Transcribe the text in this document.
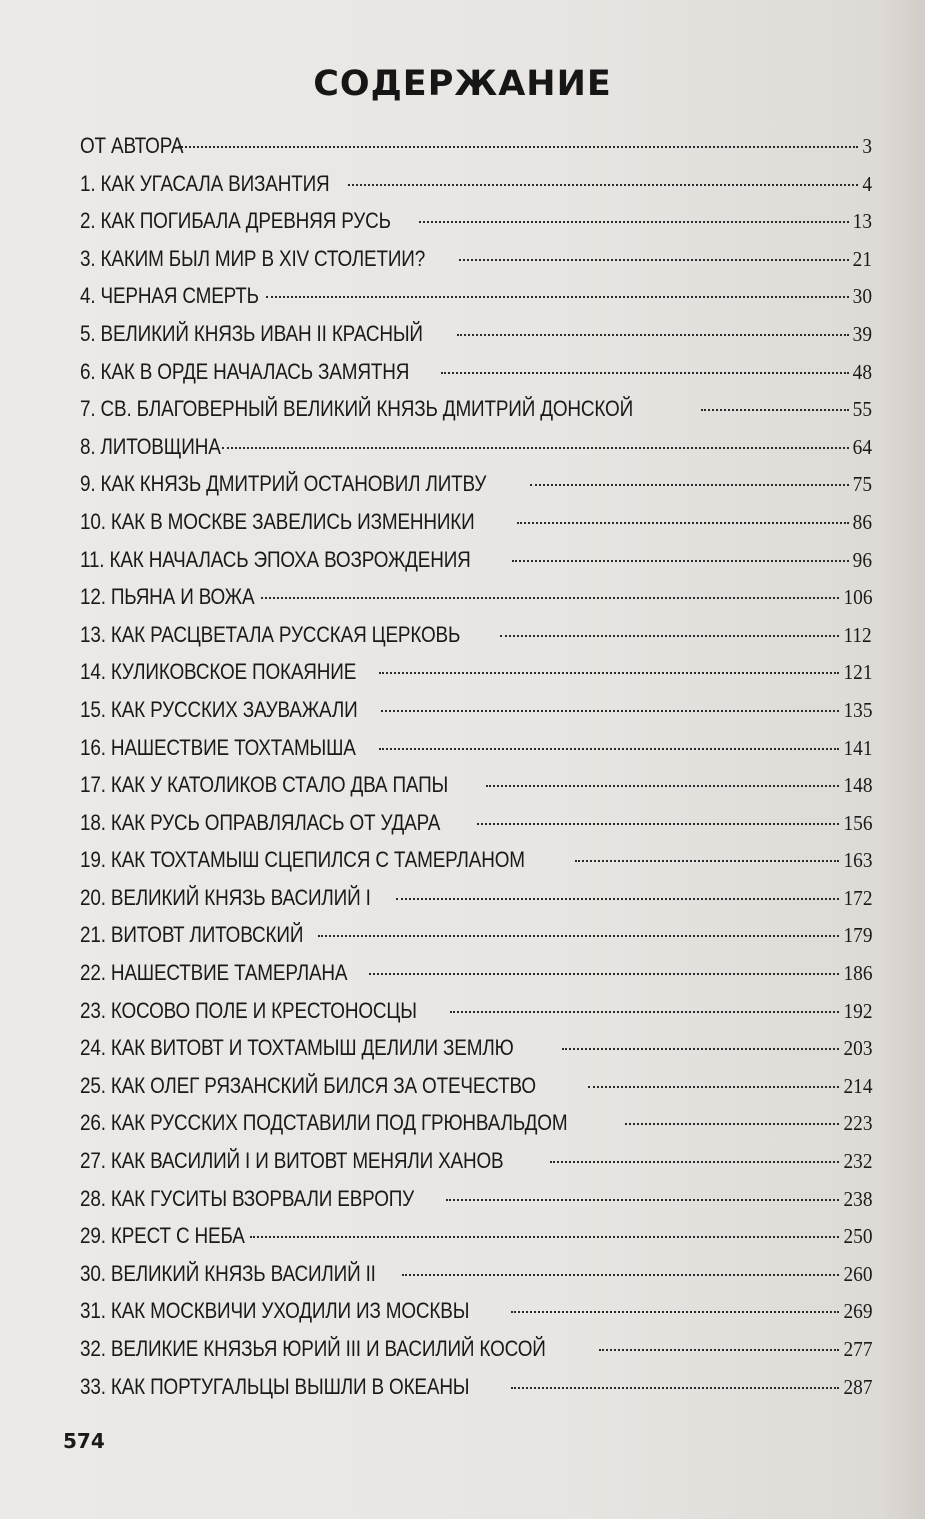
СОДЕРЖАНИЕ
ОТ АВТОРА	3
1. КАК УГАСАЛА ВИЗАНТИЯ	4
2. КАК ПОГИБАЛА ДРЕВНЯЯ РУСЬ	13
3. КАКИМ БЫЛ МИР В XIV СТОЛЕТИИ?	21
4. ЧЕРНАЯ СМЕРТЬ	30
5. ВЕЛИКИЙ КНЯЗЬ ИВАН II КРАСНЫЙ	39
6. КАК В ОРДЕ НАЧАЛАСЬ ЗАМЯТНЯ	48
7. СВ. БЛАГОВЕРНЫЙ ВЕЛИКИЙ КНЯЗЬ ДМИТРИЙ ДОНСКОЙ	55
8. ЛИТОВЩИНА	64
9. КАК КНЯЗЬ ДМИТРИЙ ОСТАНОВИЛ ЛИТВУ	75
10. КАК В МОСКВЕ ЗАВЕЛИСЬ ИЗМЕННИКИ	86
11. КАК НАЧАЛАСЬ ЭПОХА ВОЗРОЖДЕНИЯ	96
12. ПЬЯНА И ВОЖА	106
13. КАК РАСЦВЕТАЛА РУССКАЯ ЦЕРКОВЬ	112
14. КУЛИКОВСКОЕ ПОКАЯНИЕ	121
15. КАК РУССКИХ ЗАУВАЖАЛИ	135
16. НАШЕСТВИЕ ТОХТАМЫША	141
17. КАК У КАТОЛИКОВ СТАЛО ДВА ПАПЫ	148
18. КАК РУСЬ ОПРАВЛЯЛАСЬ ОТ УДАРА	156
19. КАК ТОХТАМЫШ СЦЕПИЛСЯ С ТАМЕРЛАНОМ	163
20. ВЕЛИКИЙ КНЯЗЬ ВАСИЛИЙ I	172
21. ВИТОВТ ЛИТОВСКИЙ	179
22. НАШЕСТВИЕ ТАМЕРЛАНА	186
23. КОСОВО ПОЛЕ И КРЕСТОНОСЦЫ	192
24. КАК ВИТОВТ И ТОХТАМЫШ ДЕЛИЛИ ЗЕМЛЮ	203
25. КАК ОЛЕГ РЯЗАНСКИЙ БИЛСЯ ЗА ОТЕЧЕСТВО	214
26. КАК РУССКИХ ПОДСТАВИЛИ ПОД ГРЮНВАЛЬДОМ	223
27. КАК ВАСИЛИЙ I И ВИТОВТ МЕНЯЛИ ХАНОВ	232
28. КАК ГУСИТЫ ВЗОРВАЛИ ЕВРОПУ	238
29. КРЕСТ С НЕБА	250
30. ВЕЛИКИЙ КНЯЗЬ ВАСИЛИЙ II	260
31. КАК МОСКВИЧИ УХОДИЛИ ИЗ МОСКВЫ	269
32. ВЕЛИКИЕ КНЯЗЬЯ ЮРИЙ III И ВАСИЛИЙ КОСОЙ	277
33. КАК ПОРТУГАЛЬЦЫ ВЫШЛИ В ОКЕАНЫ	287
574
